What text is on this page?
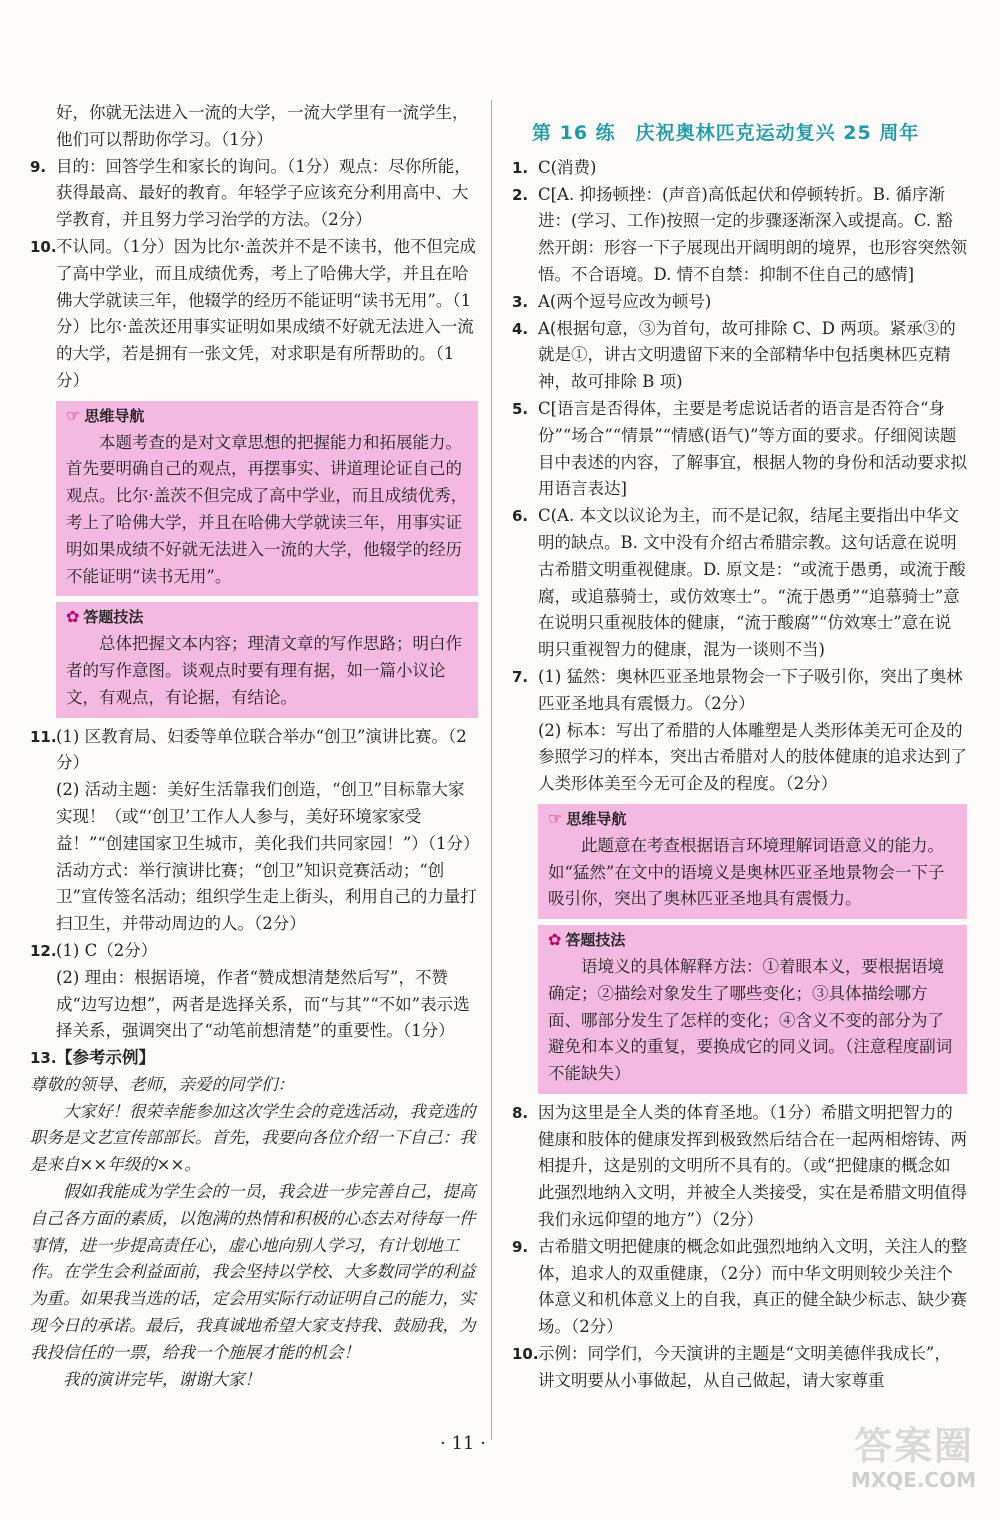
好，你就无法进入一流的大学，一流大学里有一流学生，他们可以帮助你学习。（1分）
9. 目的：回答学生和家长的询问。（1分）观点：尽你所能，获得最高、最好的教育。年轻学子应该充分利用高中、大学教育，并且努力学习治学的方法。（2分）
10. 不认同。（1分）因为比尔·盖茨并不是不读书，他不但完成了高中学业，而且成绩优秀，考上了哈佛大学，并且在哈佛大学就读三年，他辍学的经历不能证明“读书无用”。（1分）比尔·盖茨还用事实证明如果成绩不好就无法进入一流的大学，若是拥有一张文凭，对求职是有所帮助的。（1分）
☞ 思维导航

本题考查的是对文章思想的把握能力和拓展能力。首先要明确自己的观点，再摆事实、讲道理论证自己的观点。比尔·盖茨不但完成了高中学业，而且成绩优秀，考上了哈佛大学，并且在哈佛大学就读三年，用事实证明如果成绩不好就无法进入一流的大学，他辍学的经历不能证明“读书无用”。

✿ 答题技法

总体把握文本内容；理清文章的写作思路；明白作者的写作意图。谈观点时要有理有据，如一篇小议论文，有观点，有论据，有结论。

11. (1) 区教育局、妇委等单位联合举办“创卫”演讲比赛。（2分）
(2) 活动主题：美好生活靠我们创造，“创卫”目标靠大家实现！（或“‘创卫’工作人人参与，美好环境家家受益！”“创建国家卫生城市，美化我们共同家园！”）（1分）活动方式：举行演讲比赛；“创卫”知识竞赛活动；“创卫”宣传签名活动；组织学生走上街头，利用自己的力量打扫卫生，并带动周边的人。（2分）
12. (1) C（2分）
(2) 理由：根据语境，作者“赞成想清楚然后写”，不赞成“边写边想”，两者是选择关系，而“与其”“不如”表示选择关系，强调突出了“动笔前想清楚”的重要性。（1分）
13. 【参考示例】

尊敬的领导、老师，亲爱的同学们：

大家好！很荣幸能参加这次学生会的竞选活动，我竞选的职务是文艺宣传部部长。首先，我要向各位介绍一下自己：我是来自××年级的××。

假如我能成为学生会的一员，我会进一步完善自己，提高自己各方面的素质，以饱满的热情和积极的心态去对待每一件事情，进一步提高责任心，虚心地向别人学习，有计划地工作。在学生会利益面前，我会坚持以学校、大多数同学的利益为重。如果我当选的话，定会用实际行动证明自己的能力，实现今日的承诺。最后，我真诚地希望大家支持我、鼓励我，为我投信任的一票，给我一个施展才能的机会！

我的演讲完毕，谢谢大家！

第 16 练　庆祝奥林匹克运动复兴 25 周年
1. C(消费)
2. C[A. 抑扬顿挫：(声音)高低起伏和停顿转折。B. 循序渐进：(学习、工作)按照一定的步骤逐渐深入或提高。C. 豁然开朗：形容一下子展现出开阔明朗的境界，也形容突然领悟。不合语境。D. 情不自禁：抑制不住自己的感情]
3. A(两个逗号应改为顿号)
4. A(根据句意，③为首句，故可排除 C、D 两项。紧承③的就是①，讲古文明遗留下来的全部精华中包括奥林匹克精神，故可排除 B 项)
5. C[语言是否得体，主要是考虑说话者的语言是否符合“身份”“场合”“情景”“情感(语气)”等方面的要求。仔细阅读题目中表述的内容，了解事宜，根据人物的身份和活动要求拟用语言表达]
6. C(A. 本文以议论为主，而不是记叙，结尾主要指出中华文明的缺点。B. 文中没有介绍古希腊宗教。这句话意在说明古希腊文明重视健康。D. 原文是：“或流于愚勇，或流于酸腐，或追慕骑士，或仿效寒士”。“流于愚勇”“追慕骑士”意在说明只重视肢体的健康，“流于酸腐”“仿效寒士”意在说明只重视智力的健康，混为一谈则不当)
7. (1) 猛然：奥林匹亚圣地景物会一下子吸引你，突出了奥林匹亚圣地具有震慑力。（2分）
(2) 标本：写出了希腊的人体雕塑是人类形体美无可企及的参照学习的样本，突出古希腊对人的肢体健康的追求达到了人类形体美至今无可企及的程度。（2分）
☞ 思维导航

此题意在考查根据语言环境理解词语意义的能力。如“猛然”在文中的语境义是奥林匹亚圣地景物会一下子吸引你，突出了奥林匹亚圣地具有震慑力。

✿ 答题技法

语境义的具体解释方法：①着眼本义，要根据语境确定；②描绘对象发生了哪些变化；③具体描绘哪方面、哪部分发生了怎样的变化；④含义不变的部分为了避免和本义的重复，要换成它的同义词。（注意程度副词不能缺失）

8. 因为这里是全人类的体育圣地。（1分）希腊文明把智力的健康和肢体的健康发挥到极致然后结合在一起两相熔铸、两相提升，这是别的文明所不具有的。（或“把健康的概念如此强烈地纳入文明，并被全人类接受，实在是希腊文明值得我们永远仰望的地方”）（2分）
9. 古希腊文明把健康的概念如此强烈地纳入文明，关注人的整体，追求人的双重健康，（2分）而中华文明则较少关注个体意义和机体意义上的自我，真正的健全缺少标志、缺少赛场。（2分）
10. 示例：同学们，今天演讲的主题是“文明美德伴我成长”，讲文明要从小事做起，从自己做起，请大家尊重
· 11 ·	答案圈
MXQE.COM
